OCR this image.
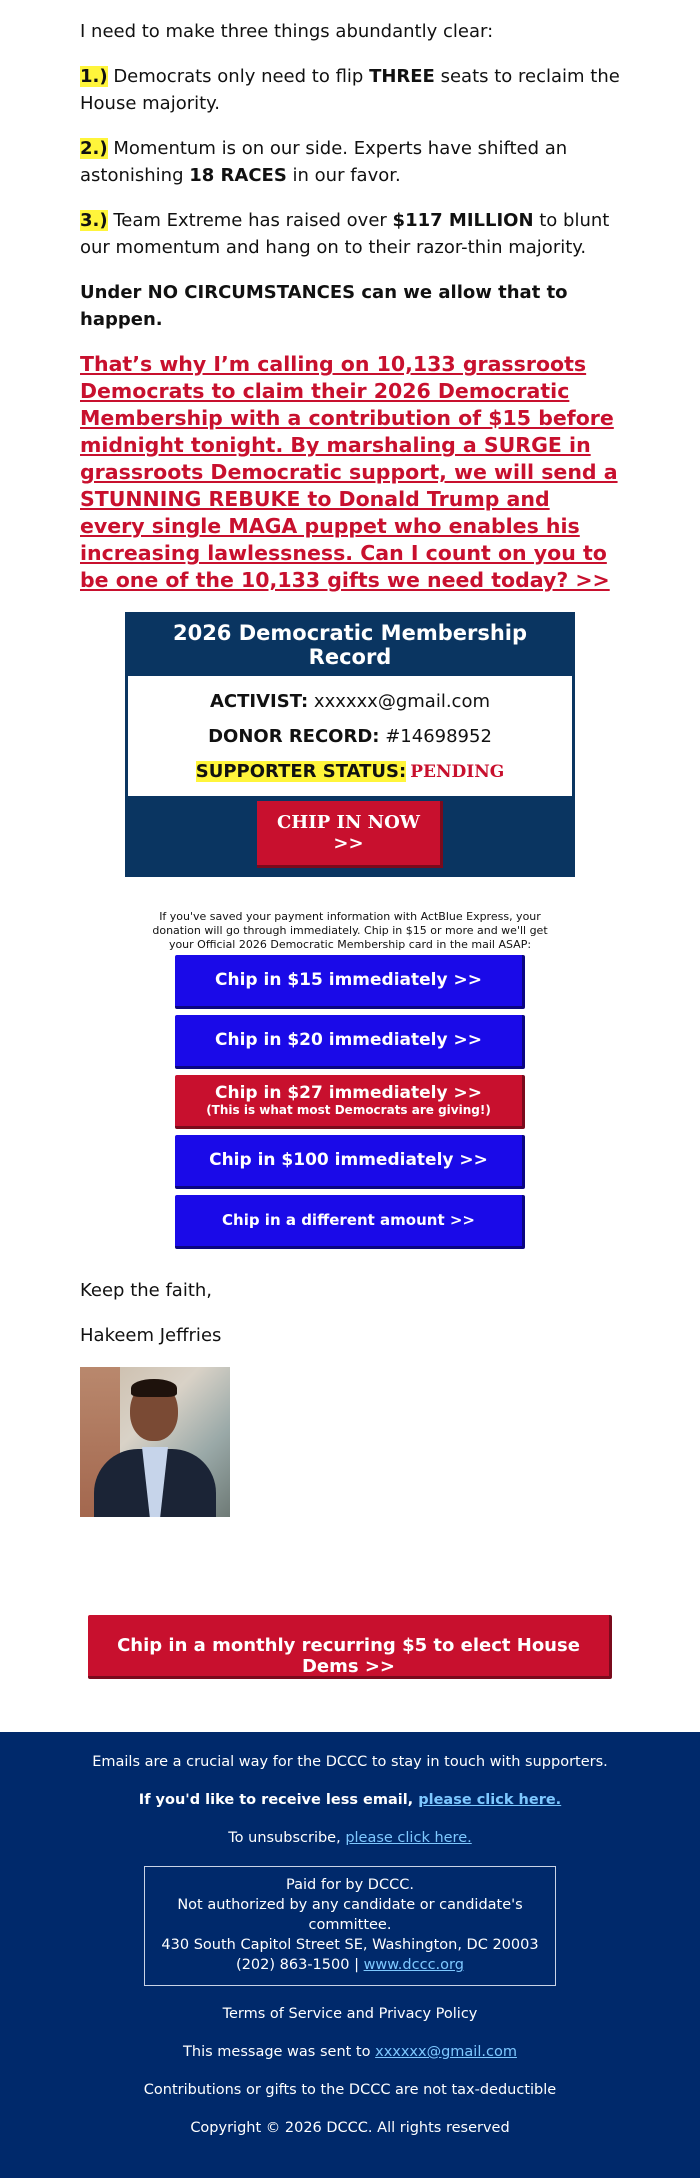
I need to make three things abundantly clear:

1.) Democrats only need to flip THREE seats to reclaim the House majority.

2.) Momentum is on our side. Experts have shifted an astonishing 18 RACES in our favor.

3.) Team Extreme has raised over $117 MILLION to blunt our momentum and hang on to their razor-thin majority.

Under NO CIRCUMSTANCES can we allow that to happen.

That’s why I’m calling on 10,133 grassroots Democrats to claim their 2026 Democratic Membership with a contribution of $15 before midnight tonight. By marshaling a SURGE in grassroots Democratic support, we will send a STUNNING REBUKE to Donald Trump and every single MAGA puppet who enables his increasing lawlessness. Can I count on you to be one of the 10,133 gifts we need today? >>
2026 Democratic Membership Record
ACTIVIST: xxxxxx@gmail.com
DONOR RECORD: #14698952
SUPPORTER STATUS: PENDING
CHIP IN NOW >>

If you've saved your payment information with ActBlue Express, your donation will go through immediately. Chip in $15 or more and we'll get your Official 2026 Democratic Membership card in the mail ASAP:

Chip in $15 immediately >>
Chip in $20 immediately >>
Chip in $27 immediately >>
(This is what most Democrats are giving!)
Chip in $100 immediately >>
Chip in a different amount >>

Keep the faith,

Hakeem Jeffries

Chip in a monthly recurring $5 to elect House Dems >>

Emails are a crucial way for the DCCC to stay in touch with supporters.

If you'd like to receive less email, please click here.

To unsubscribe, please click here.

Paid for by DCCC.
Not authorized by any candidate or candidate's committee.
430 South Capitol Street SE, Washington, DC 20003
(202) 863-1500 | www.dccc.org

Terms of Service and Privacy Policy

This message was sent to xxxxxx@gmail.com

Contributions or gifts to the DCCC are not tax-deductible

Copyright © 2026 DCCC. All rights reserved
